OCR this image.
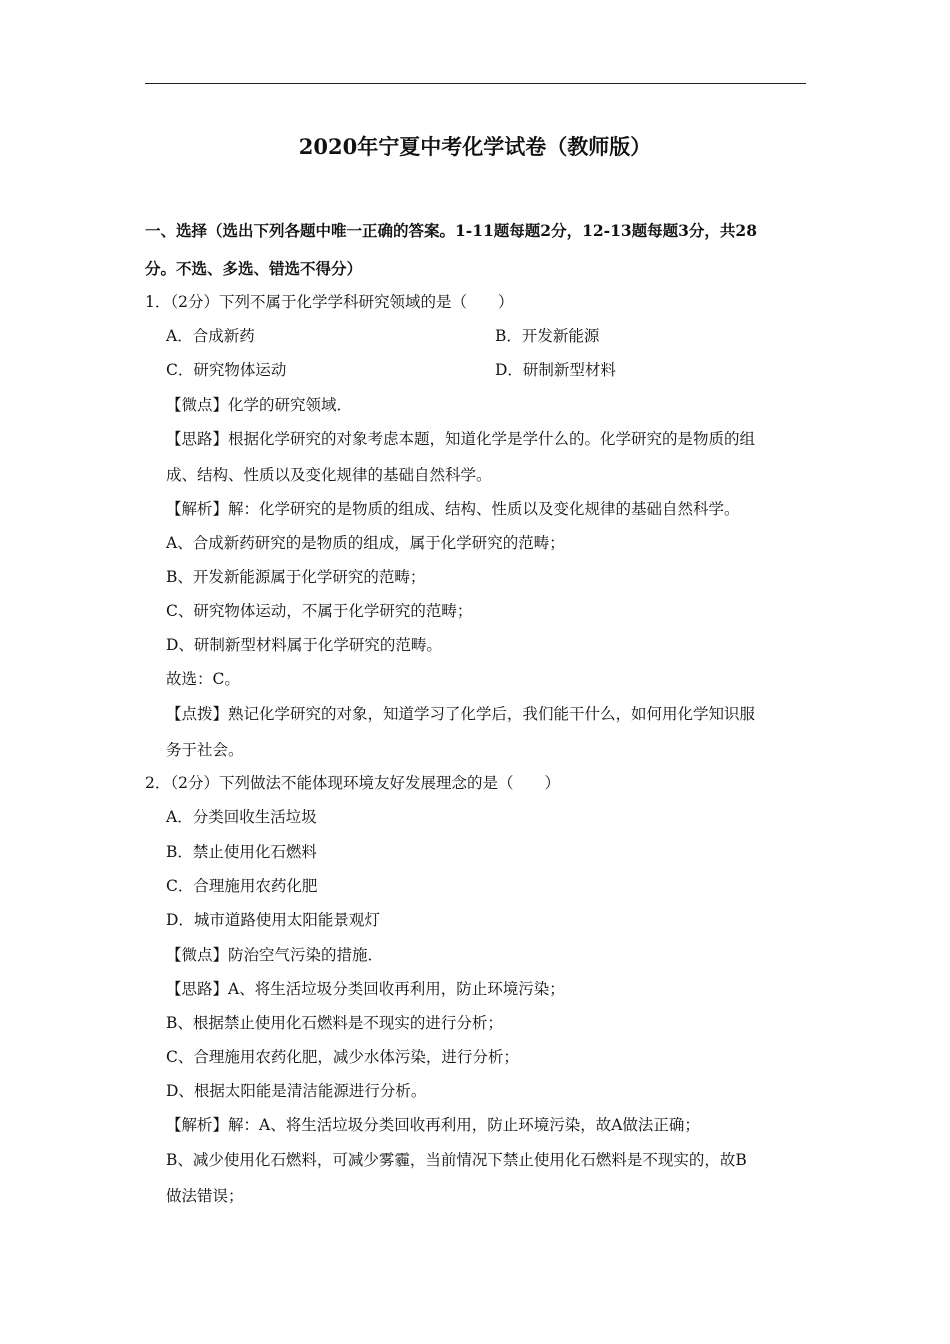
2020年宁夏中考化学试卷（教师版）
一、选择（选出下列各题中唯一正确的答案。1-11题每题2分，12-13题每题3分，共28
分。不选、多选、错选不得分）
1．（2分）下列不属于化学学科研究领域的是（　　）
A．合成新药	B．开发新能源
C．研究物体运动	D．研制新型材料
【微点】化学的研究领域．
【思路】根据化学研究的对象考虑本题，知道化学是学什么的。化学研究的是物质的组
成、结构、性质以及变化规律的基础自然科学。
【解析】解：化学研究的是物质的组成、结构、性质以及变化规律的基础自然科学。
A、合成新药研究的是物质的组成，属于化学研究的范畴；
B、开发新能源属于化学研究的范畴；
C、研究物体运动，不属于化学研究的范畴；
D、研制新型材料属于化学研究的范畴。
故选：C。
【点拨】熟记化学研究的对象，知道学习了化学后，我们能干什么，如何用化学知识服
务于社会。
2．（2分）下列做法不能体现环境友好发展理念的是（　　）
A．分类回收生活垃圾
B．禁止使用化石燃料
C．合理施用农药化肥
D．城市道路使用太阳能景观灯
【微点】防治空气污染的措施．
【思路】A、将生活垃圾分类回收再利用，防止环境污染；
B、根据禁止使用化石燃料是不现实的进行分析；
C、合理施用农药化肥，减少水体污染，进行分析；
D、根据太阳能是清洁能源进行分析。
【解析】解：A、将生活垃圾分类回收再利用，防止环境污染，故A做法正确；
B、减少使用化石燃料，可减少雾霾，当前情况下禁止使用化石燃料是不现实的，故B
做法错误；
